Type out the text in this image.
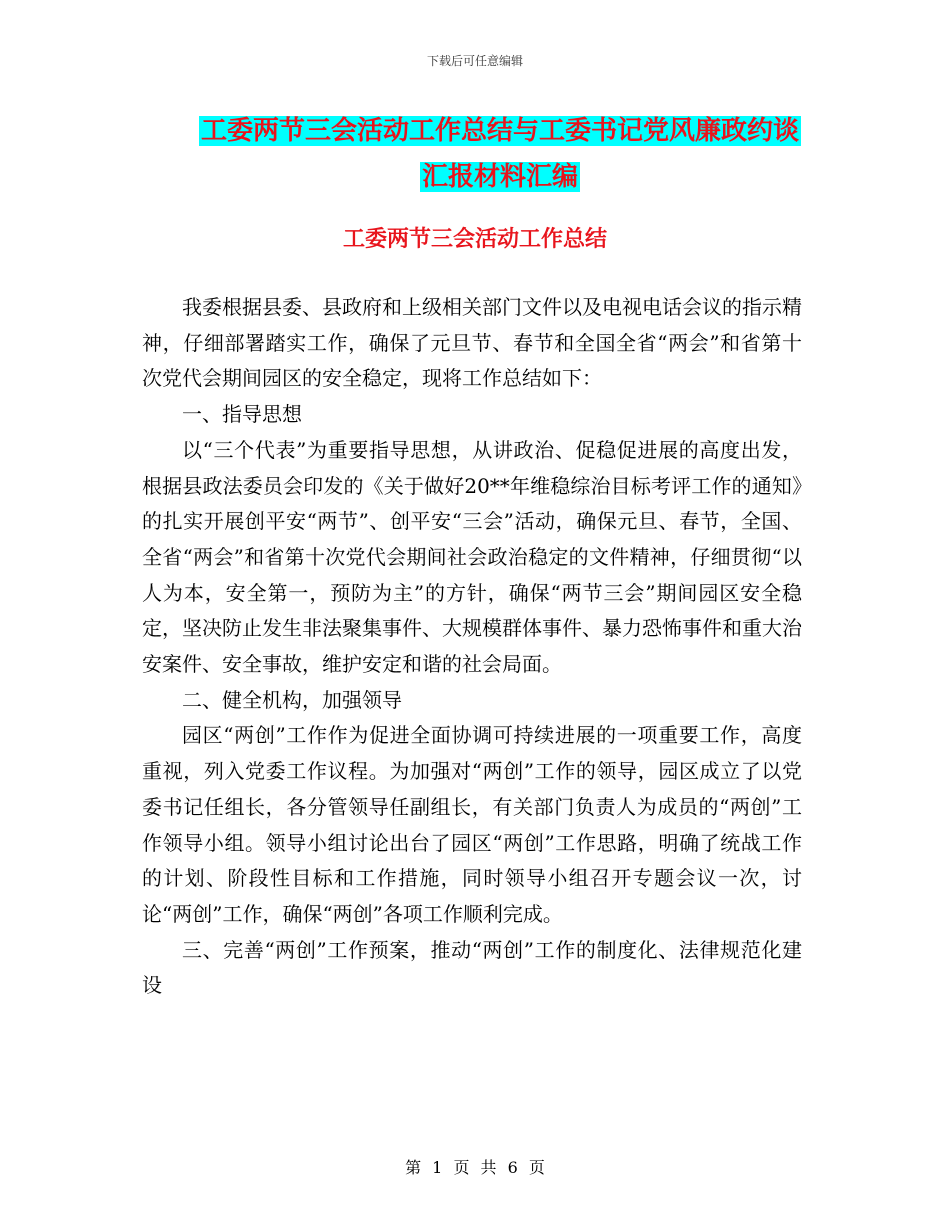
下载后可任意编辑
工委两节三会活动工作总结与工委书记党风廉政约谈
汇报材料汇编
工委两节三会活动工作总结

我委根据县委、县政府和上级相关部门文件以及电视电话会议的指示精神，仔细部署踏实工作，确保了元旦节、春节和全国全省“两会”和省第十次党代会期间园区的安全稳定，现将工作总结如下：

一、指导思想

以“三个代表”为重要指导思想，从讲政治、促稳促进展的高度出发，根据县政法委员会印发的《关于做好20**年维稳综治目标考评工作的通知》的扎实开展创平安“两节”、创平安“三会”活动，确保元旦、春节，全国、全省“两会”和省第十次党代会期间社会政治稳定的文件精神，仔细贯彻“以人为本，安全第一，预防为主”的方针，确保“两节三会”期间园区安全稳定，坚决防止发生非法聚集事件、大规模群体事件、暴力恐怖事件和重大治安案件、安全事故，维护安定和谐的社会局面。

二、健全机构，加强领导

园区“两创”工作作为促进全面协调可持续进展的一项重要工作，高度重视，列入党委工作议程。为加强对“两创”工作的领导，园区成立了以党委书记任组长，各分管领导任副组长，有关部门负责人为成员的“两创”工作领导小组。领导小组讨论出台了园区“两创”工作思路，明确了统战工作的计划、阶段性目标和工作措施，同时领导小组召开专题会议一次，讨论“两创”工作，确保“两创”各项工作顺利完成。

三、完善“两创”工作预案，推动“两创”工作的制度化、法律规范化建设

第 1 页 共 6 页
